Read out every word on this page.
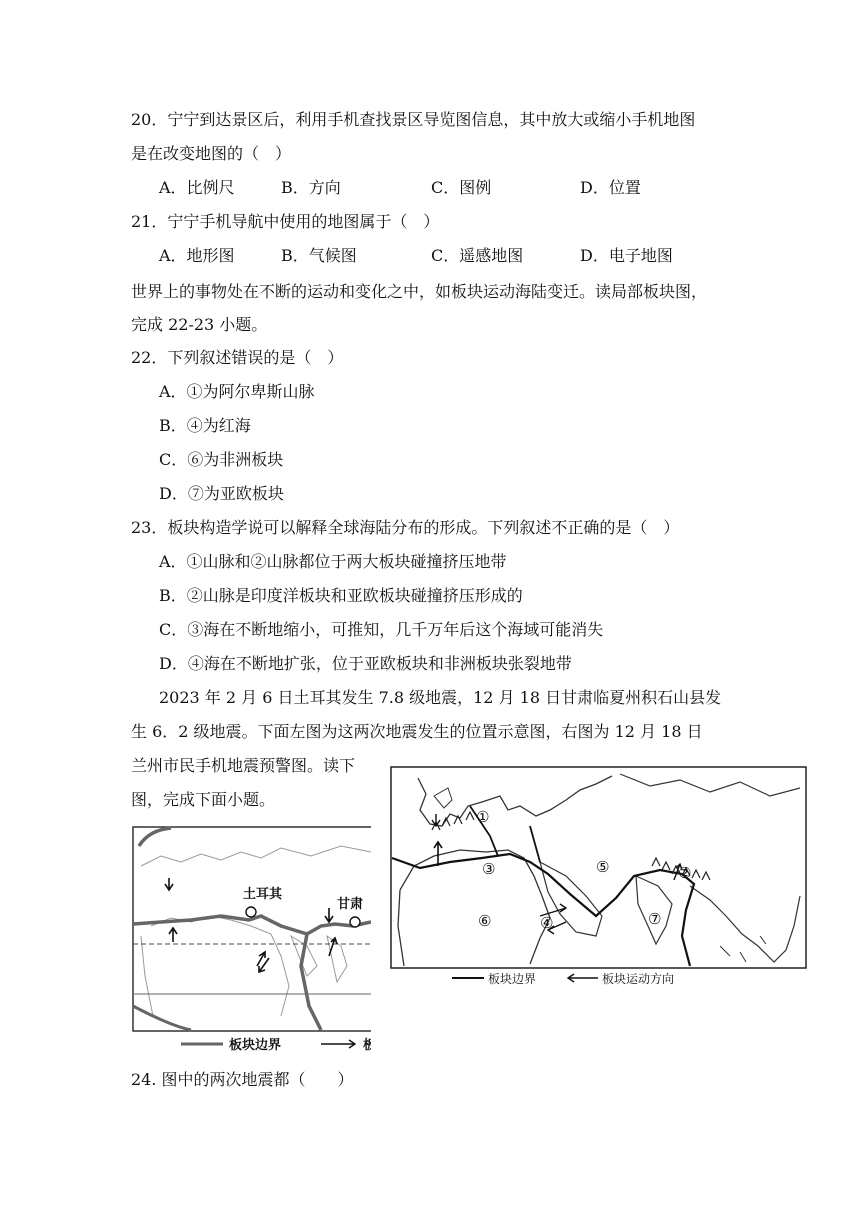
20．宁宁到达景区后，利用手机查找景区导览图信息，其中放大或缩小手机地图
是在改变地图的（　）
A．比例尺	B．方向	C．图例	D．位置
21．宁宁手机导航中使用的地图属于（　）
A．地形图	B．气候图	C．遥感地图	D．电子地图
世界上的事物处在不断的运动和变化之中，如板块运动海陆变迁。读局部板块图，
完成 22-23 小题。
22．下列叙述错误的是（　）
A．①为阿尔卑斯山脉
B．④为红海
C．⑥为非洲板块
D．⑦为亚欧板块
23．板块构造学说可以解释全球海陆分布的形成。下列叙述不正确的是（　）
A．①山脉和②山脉都位于两大板块碰撞挤压地带
B．②山脉是印度洋板块和亚欧板块碰撞挤压形成的
C．③海在不断地缩小，可推知，几千万年后这个海域可能消失
D．④海在不断地扩张，位于亚欧板块和非洲板块张裂地带
2023 年 2 月 6 日土耳其发生 7.8 级地震，12 月 18 日甘肃临夏州积石山县发
生 6．2 级地震。下面左图为这两次地震发生的位置示意图，右图为 12 月 18 日
兰州市民手机地震预警图。读下
图，完成下面小题。
①
②
③
④
⑤
⑥	⑦
板块边界	板块运动方向
土耳其
甘肃
板块边界	板
24. 图中的两次地震都（　　）
